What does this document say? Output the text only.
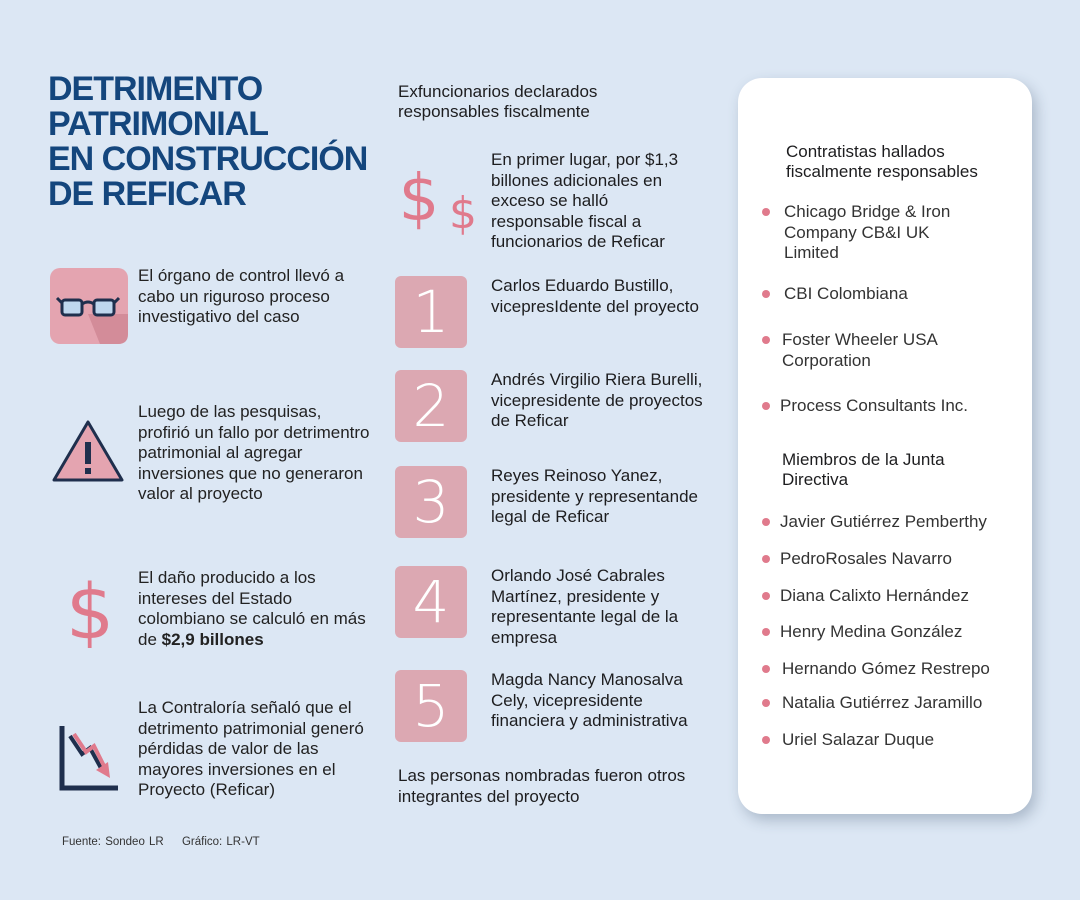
DETRIMENTO
PATRIMONIAL
EN CONSTRUCCIÓN
DE REFICAR
El órgano de control llevó a cabo un riguroso proceso investigativo del caso
Luego de las pesquisas, profirió un fallo por detrimentro patrimonial al agregar inversiones que no generaron valor al proyecto
$ El daño producido a los intereses del Estado colombiano se calculó en más de $2,9 billones
La Contraloría señaló que el detrimento patrimonial generó pérdidas de valor de las mayores inversiones en el Proyecto (Reficar)
Fuente: Sondeo LR Gráfico: LR-VT
Exfuncionarios declarados responsables fiscalmente
$ $
En primer lugar, por $1,3 billones adicionales en exceso se halló responsable fiscal a funcionarios de Reficar
1	Carlos Eduardo Bustillo, vicepresIdente del proyecto
2	Andrés Virgilio Riera Burelli, vicepresidente de proyectos de Reficar
3	Reyes Reinoso Yanez, presidente y representande legal de Reficar
4	Orlando José Cabrales Martínez, presidente y representante legal de la empresa
5	Magda Nancy Manosalva Cely, vicepresidente financiera y administrativa
Las personas nombradas fueron otros integrantes del proyecto
Contratistas hallados fiscalmente responsables
Chicago Bridge & Iron Company CB&I UK Limited
CBI Colombiana
Foster Wheeler USA Corporation
Process Consultants Inc.
Miembros de la Junta Directiva
Javier Gutiérrez Pemberthy
PedroRosales Navarro
Diana Calixto Hernández
Henry Medina González
Hernando Gómez Restrepo
Natalia Gutiérrez Jaramillo
Uriel Salazar Duque
